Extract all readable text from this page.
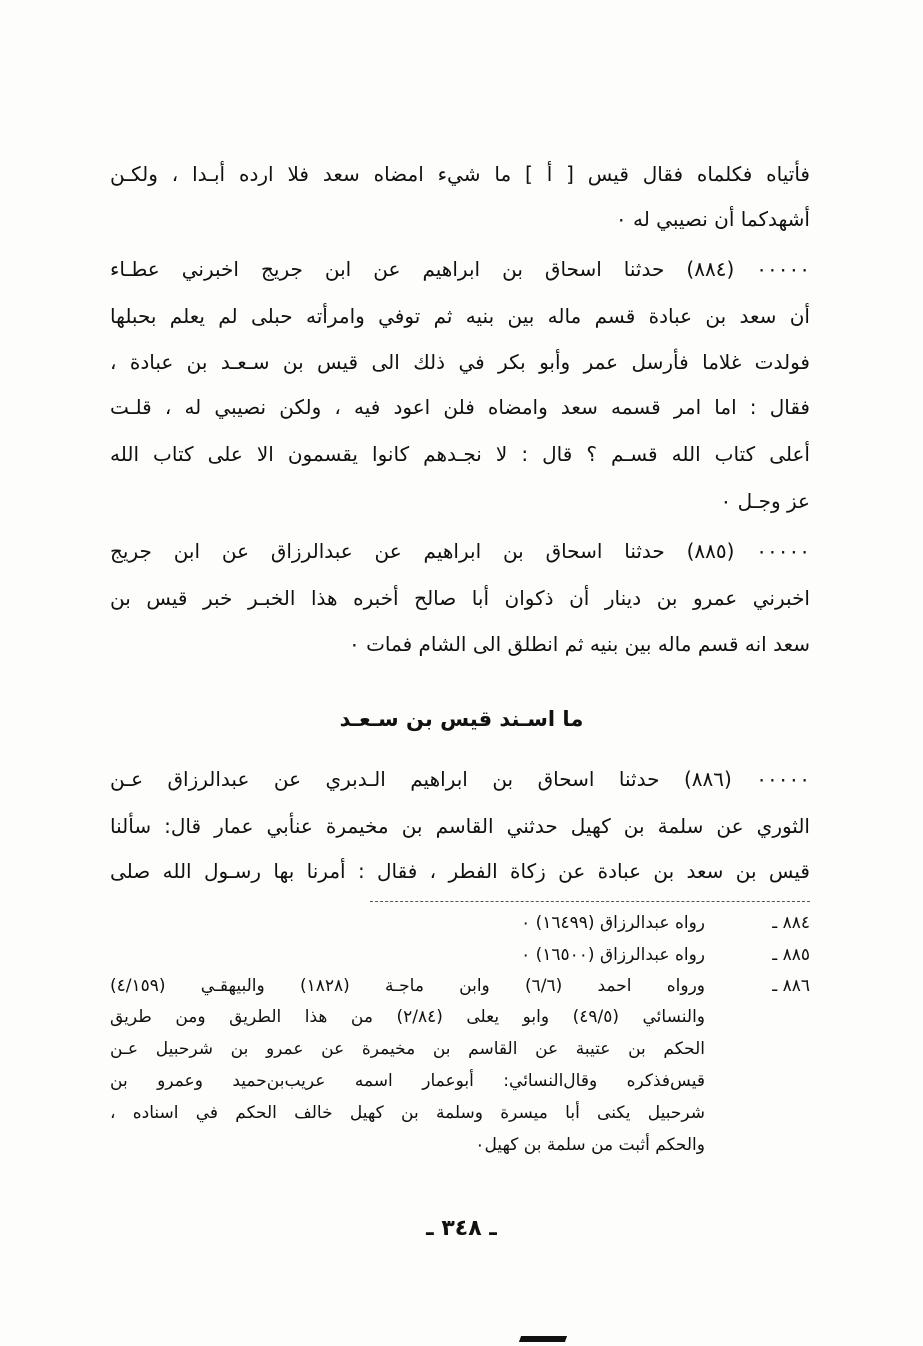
فأتياه فكلماه فقال قيس [ أ ] ما شيء امضاه سعد فلا ارده أبـدا ، ولكـن
أشهدكما أن نصيبي له ٠
٠٠٠٠٠ (٨٨٤) حدثنا اسحاق بن ابراهيم عن ابن جريج اخبرني عطـاء
أن سعد بن عبادة قسم ماله بين بنيه ثم توفي وامرأته حبلى لم يعلم بحبلها
فولدت غلاما فأرسل عمر وأبو بكر في ذلك الى قيس بن سـعـد بن عبادة ،
فقال : اما امر قسمه سعد وامضاه فلن اعود فيه ، ولكن نصيبي له ، قلـت
أعلى كتاب الله قسـم ؟ قال : لا نجـدهم كانوا يقسمون الا على كتاب الله
عز وجـل ٠
٠٠٠٠٠ (٨٨٥) حدثنا اسحاق بن ابراهيم عن عبدالرزاق عن ابن جريج
اخبرني عمرو بن دينار أن ذكوان أبا صالح أخبره هذا الخبـر خبر قيس بن
سعد انه قسم ماله بين بنيه ثم انطلق الى الشام فمات ٠
ما اسـند قيس بن سـعـد
٠٠٠٠٠ (٨٨٦) حدثنا اسحاق بن ابراهيم الـدبري عن عبدالرزاق عـن
الثوري عن سلمة بن كهيل حدثني القاسم بن مخيمرة عنأبي عمار قال: سألنا
قيس بن سعد بن عبادة عن زكاة الفطر ، فقال : أمرنا بها رسـول الله صلى
٨٨٤ ـ
رواه عبدالرزاق (١٦٤٩٩) ٠
٨٨٥ ـ
رواه عبدالرزاق (١٦٥٠٠) ٠
٨٨٦ ـ
ورواه احمد (٦/٦) وابن ماجـة (١٨٢٨) والبيهقـي (٤/١٥٩)
والنسائي (٤٩/٥) وابو يعلى (٢/٨٤) من هذا الطريق ومن طريق
الحكم بن عتيبة عن القاسم بن مخيمرة عن عمرو بن شرحبيل عـن
قيس‌فذكره وقال‌النسائي: أبوعمار اسمه عريب‌بن‌حميد وعمرو بن
شرحبيل يكنى أبا ميسرة وسلمة بن كهيل خالف الحكم في اسناده ،
والحكم أثبت من سلمة بن كهيل٠
ـ ٣٤٨ ـ
